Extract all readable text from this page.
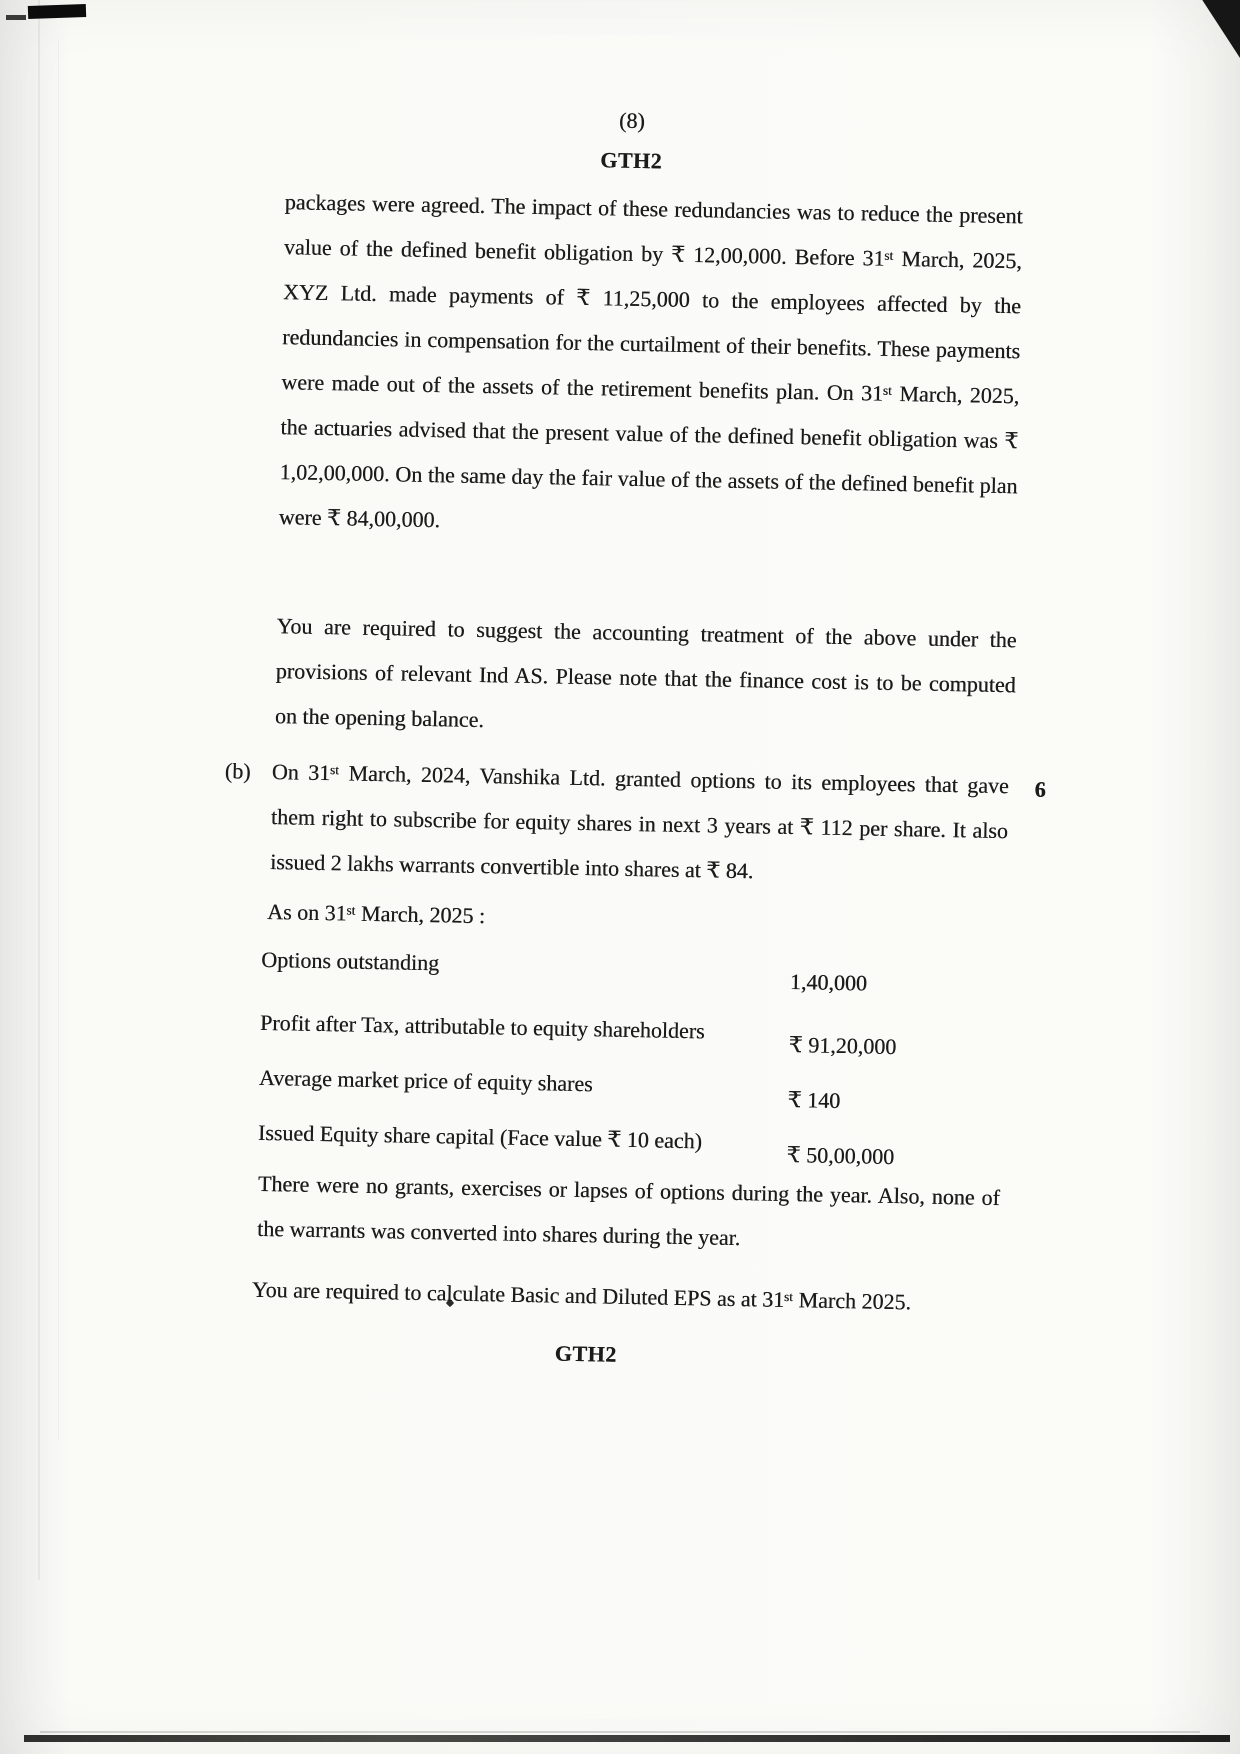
(8)
GTH2
packages were agreed. The impact of these redundancies was to reduce the present value of the defined benefit obligation by ₹ 12,00,000. Before 31ˢᵗ March, 2025, XYZ Ltd. made payments of ₹ 11,25,000 to the employees affected by the redundancies in compensation for the curtailment of their benefits. These payments were made out of the assets of the retirement benefits plan. On 31ˢᵗ March, 2025, the actuaries advised that the present value of the defined benefit obligation was ₹ 1,02,00,000. On the same day the fair value of the assets of the defined benefit plan were ₹ 84,00,000.
You are required to suggest the accounting treatment of the above under the provisions of relevant Ind AS. Please note that the finance cost is to be computed on the opening balance.
(b) On 31ˢᵗ March, 2024, Vanshika Ltd. granted options to its employees that gave them right to subscribe for equity shares in next 3 years at ₹ 112 per share. It also issued 2 lakhs warrants convertible into shares at ₹ 84.
6
As on 31ˢᵗ March, 2025 :
Options outstanding
1,40,000
Profit after Tax, attributable to equity shareholders
₹ 91,20,000
Average market price of equity shares
₹ 140
Issued Equity share capital (Face value ₹ 10 each)
₹ 50,00,000
There were no grants, exercises or lapses of options during the year. Also, none of the warrants was converted into shares during the year.
You are required to calculate Basic and Diluted EPS as at 31ˢᵗ March 2025.
GTH2
